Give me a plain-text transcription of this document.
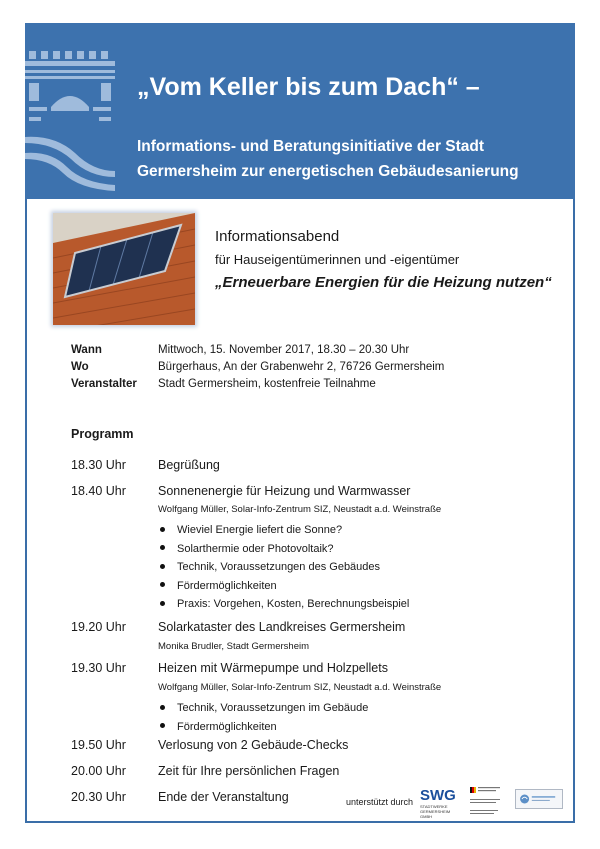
„Vom Keller bis zum Dach“ –
Informations- und Beratungsinitiative der Stadt Germersheim zur energetischen Gebäudesanierung
Informationsabend
für Hauseigentümerinnen und -eigentümer
„Erneuerbare Energien für die Heizung nutzen“
Wann	Mittwoch, 15. November 2017, 18.30 – 20.30 Uhr
Wo	Bürgerhaus, An der Grabenwehr 2, 76726 Germersheim
Veranstalter Stadt Germersheim, kostenfreie Teilnahme
Programm
18.30 Uhr	Begrüßung
18.40 Uhr	Sonnenenergie für Heizung und Warmwasser
Wolfgang Müller, Solar-Info-Zentrum SIZ, Neustadt a.d. Weinstraße
Wieviel Energie liefert die Sonne?
Solarthermie oder Photovoltaik?
Technik, Voraussetzungen des Gebäudes
Fördermöglichkeiten
Praxis: Vorgehen, Kosten, Berechnungsbeispiel
19.20 Uhr	Solarkataster des Landkreises Germersheim
Monika Brudler, Stadt Germersheim
19.30 Uhr	Heizen mit Wärmepumpe und Holzpellets
Wolfgang Müller, Solar-Info-Zentrum SIZ, Neustadt a.d. Weinstraße
Technik, Voraussetzungen im Gebäude
Fördermöglichkeiten
19.50 Uhr	Verlosung von 2 Gebäude-Checks
20.00 Uhr	Zeit für Ihre persönlichen Fragen
20.30 Uhr	Ende der Veranstaltung	unterstützt durch SWG
STADTWERKE GERMERSHEIM GMBH
